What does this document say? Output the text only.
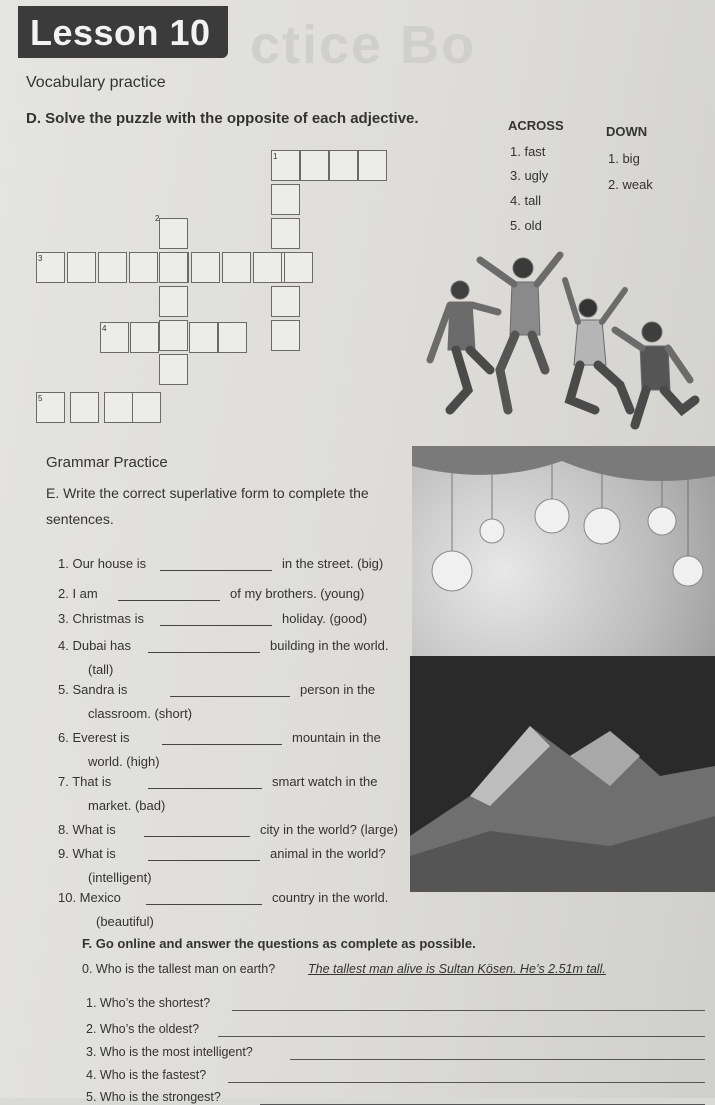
Lesson 10 ctice Bo
Vocabulary practice
D. Solve the puzzle with the opposite of each adjective.	ACROSS	DOWN
1. fast
3. ugly
4. tall
5. old
1. big
2. weak
1
2
3
4
5
Grammar Practice
E. Write the correct superlative form to complete the sentences.
1. Our house is	in the street. (big)
2. I am	of my brothers. (young)
3. Christmas is	holiday. (good)
4. Dubai has	building in the world.
(tall)
5. Sandra is	person in the
classroom. (short)
6. Everest is	mountain in the
world. (high)
7. That is	smart watch in the
market. (bad)
8. What is	city in the world? (large)
9. What is	animal in the world?
(intelligent)
10. Mexico	country in the world.
(beautiful)
F. Go online and answer the questions as complete as possible.
0. Who is the tallest man on earth?	The tallest man alive is Sultan Kösen. He’s 2.51m tall.
1. Who’s the shortest?
2. Who’s the oldest?
3. Who is the most intelligent?
4. Who is the fastest?
5. Who is the strongest?
